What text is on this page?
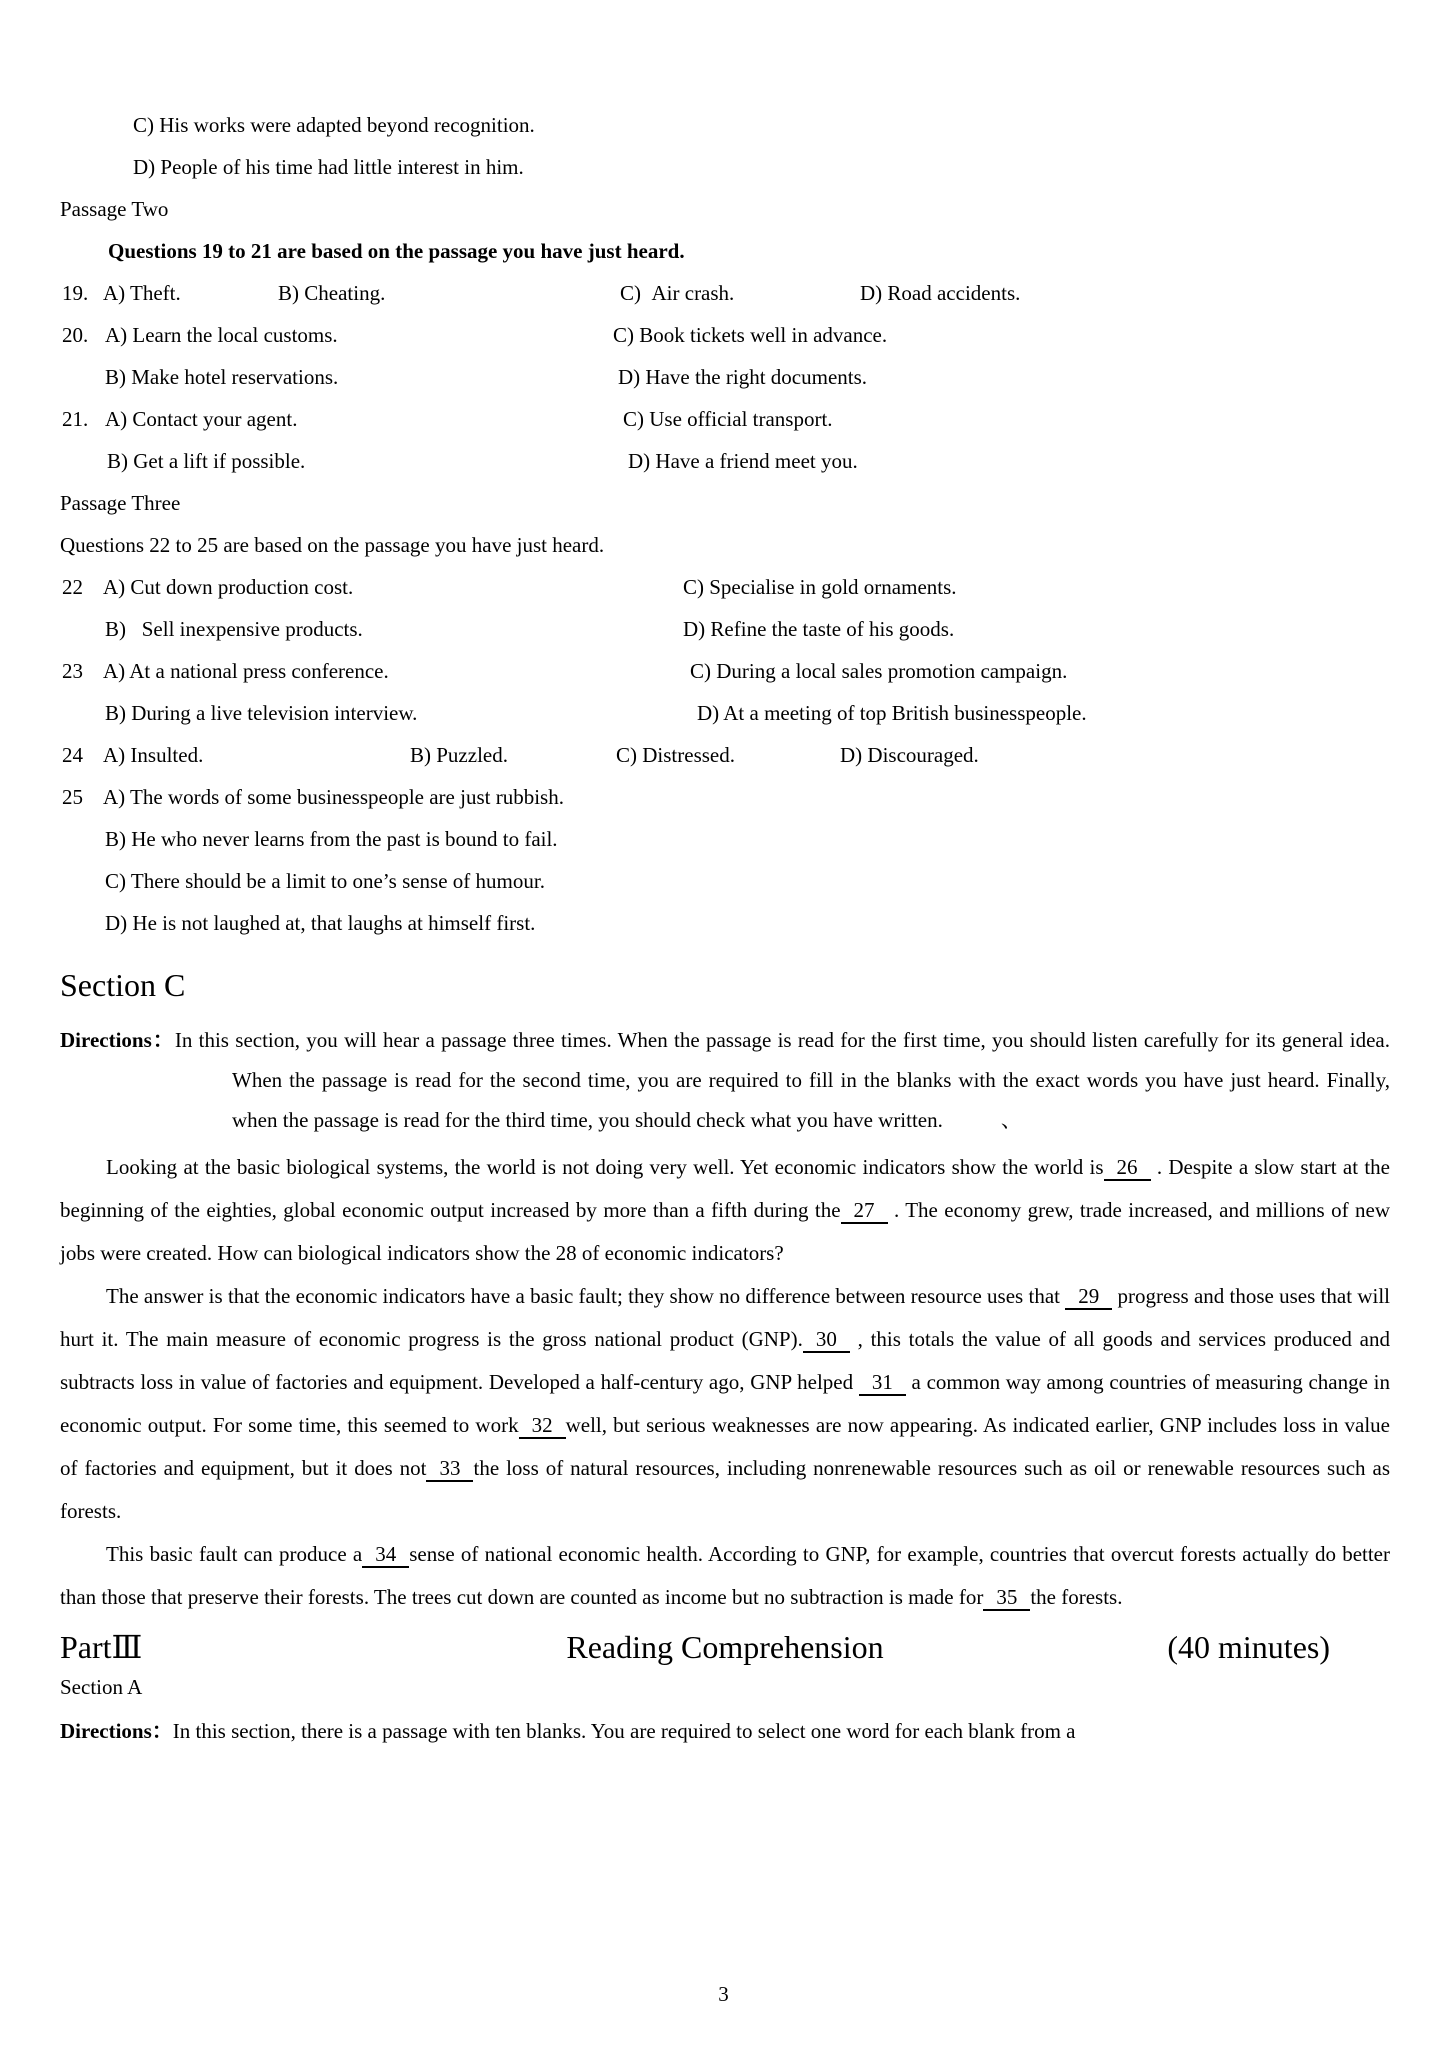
C) His works were adapted beyond recognition.
D) People of his time had little interest in him.
Passage Two
Questions 19 to 21 are based on the passage you have just heard.
19. A) Theft.	B) Cheating.	C)  Air crash.	D) Road accidents.
20. A) Learn the local customs.	C) Book tickets well in advance.
B) Make hotel reservations.	D) Have the right documents.
21. A) Contact your agent.	C) Use official transport.
B) Get a lift if possible.	D) Have a friend meet you.
Passage Three
Questions 22 to 25 are based on the passage you have just heard.
22 A) Cut down production cost.	C) Specialise in gold ornaments.
B)   Sell inexpensive products.	D) Refine the taste of his goods.
23 A) At a national press conference.	C) During a local sales promotion campaign.
B) During a live television interview.	D) At a meeting of top British businesspeople.
24 A) Insulted.	B) Puzzled.	C) Distressed.	D) Discouraged.
25 A) The words of some businesspeople are just rubbish.
B) He who never learns from the past is bound to fail.
C) There should be a limit to one’s sense of humour.
D) He is not laughed at, that laughs at himself first.
Section C

Directions：In this section, you will hear a passage three times. When the passage is read for the first time, you should listen carefully for its general idea. When the passage is read for the second time, you are required to fill in the blanks with the exact words you have just heard. Finally, when the passage is read for the third time, you should check what you have written.	、

Looking at the basic biological systems, the world is not doing very well. Yet economic indicators show the world is 26 . Despite a slow start at the beginning of the eighties, global economic output increased by more than a fifth during the 27 . The economy grew, trade increased, and millions of new jobs were created. How can biological indicators show the 28 of economic indicators?

The answer is that the economic indicators have a basic fault; they show no difference between resource uses that 29 progress and those uses that will hurt it. The main measure of economic progress is the gross national product (GNP). 30 , this totals the value of all goods and services produced and subtracts loss in value of factories and equipment. Developed a half-century ago, GNP helped 31 a common way among countries of measuring change in economic output. For some time, this seemed to work 32 well, but serious weaknesses are now appearing. As indicated earlier, GNP includes loss in value of factories and equipment, but it does not 33 the loss of natural resources, including nonrenewable resources such as oil or renewable resources such as forests.

This basic fault can produce a 34 sense of national economic health. According to GNP, for example, countries that overcut forests actually do better than those that preserve their forests. The trees cut down are counted as income but no subtraction is made for 35 the forests.

Reading Comprehension
PartⅢ	(40 minutes)
Section A

Directions：In this section, there is a passage with ten blanks. You are required to select one word for each blank from a

3
